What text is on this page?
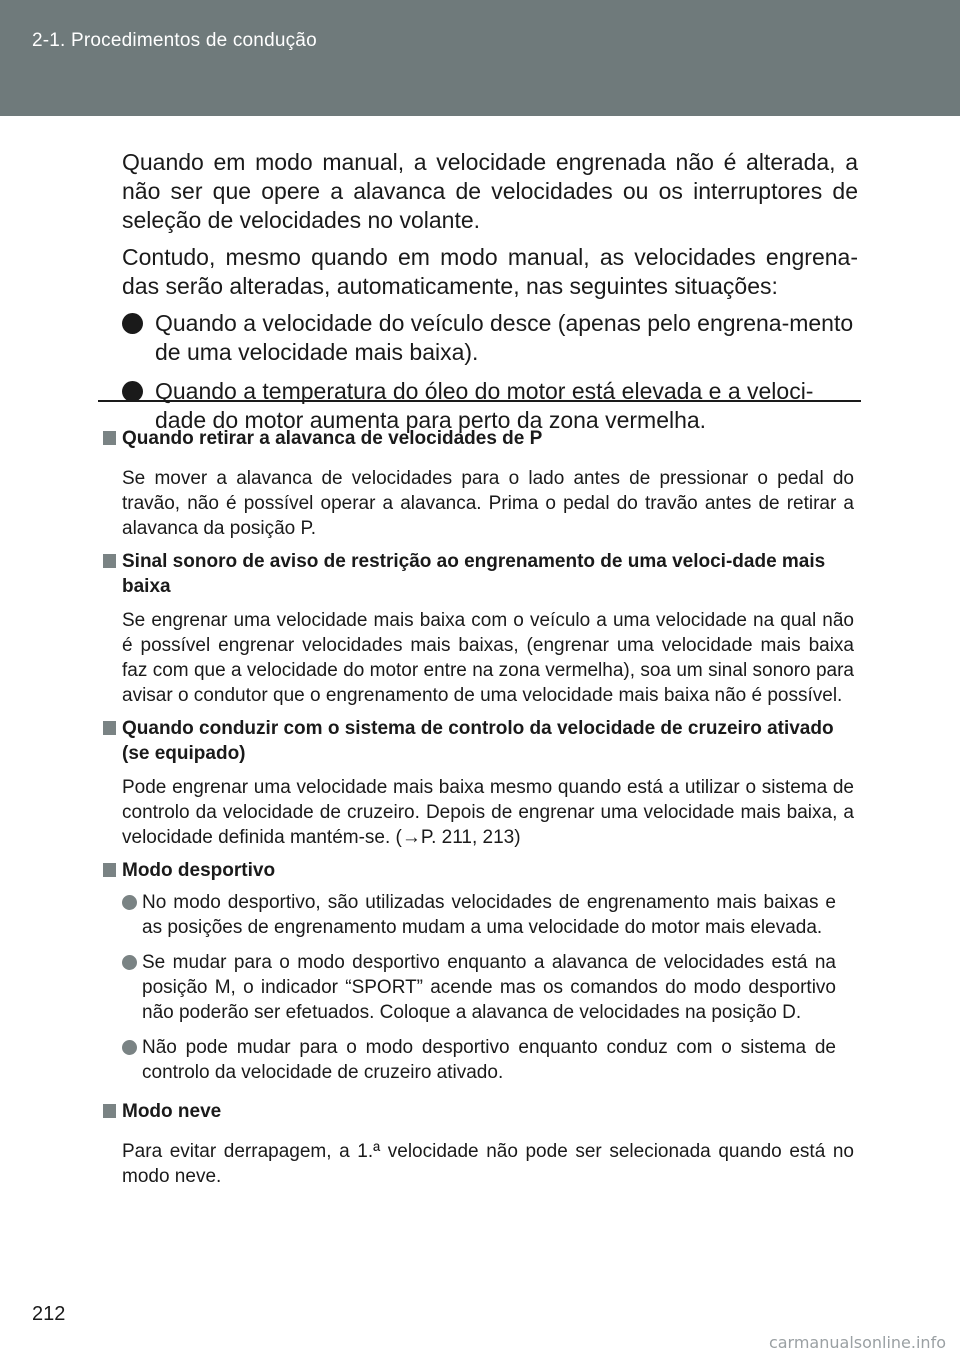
2-1. Procedimentos de condução

Quando em modo manual, a velocidade engrenada não é alterada, a não ser que opere a alavanca de velocidades ou os interruptores de seleção de velocidades no volante.

Contudo, mesmo quando em modo manual, as velocidades engrena-das serão alteradas, automaticamente, nas seguintes situações:

Quando a velocidade do veículo desce (apenas pelo engrena-mento de uma velocidade mais baixa).
Quando a temperatura do óleo do motor está elevada e a veloci-dade do motor aumenta para perto da zona vermelha.
Quando retirar a alavanca de velocidades de P

Se mover a alavanca de velocidades para o lado antes de pressionar o pedal do travão, não é possível operar a alavanca. Prima o pedal do travão antes de retirar a alavanca da posição P.

Sinal sonoro de aviso de restrição ao engrenamento de uma veloci-dade mais baixa

Se engrenar uma velocidade mais baixa com o veículo a uma velocidade na qual não é possível engrenar velocidades mais baixas, (engrenar uma velocidade mais baixa faz com que a velocidade do motor entre na zona vermelha), soa um sinal sonoro para avisar o condutor que o engrenamento de uma velocidade mais baixa não é possível.

Quando conduzir com o sistema de controlo da velocidade de cruzeiro ativado (se equipado)

Pode engrenar uma velocidade mais baixa mesmo quando está a utilizar o sistema de controlo da velocidade de cruzeiro. Depois de engrenar uma velocidade mais baixa, a velocidade definida mantém-se. (→P. 211, 213)

Modo desportivo
No modo desportivo, são utilizadas velocidades de engrenamento mais baixas e as posições de engrenamento mudam a uma velocidade do motor mais elevada.
Se mudar para o modo desportivo enquanto a alavanca de velocidades está na posição M, o indicador “SPORT” acende mas os comandos do modo desportivo não poderão ser efetuados. Coloque a alavanca de velocidades na posição D.
Não pode mudar para o modo desportivo enquanto conduz com o sistema de controlo da velocidade de cruzeiro ativado.
Modo neve

Para evitar derrapagem, a 1.ª velocidade não pode ser selecionada quando está no modo neve.

212
carmanualsonline.info
